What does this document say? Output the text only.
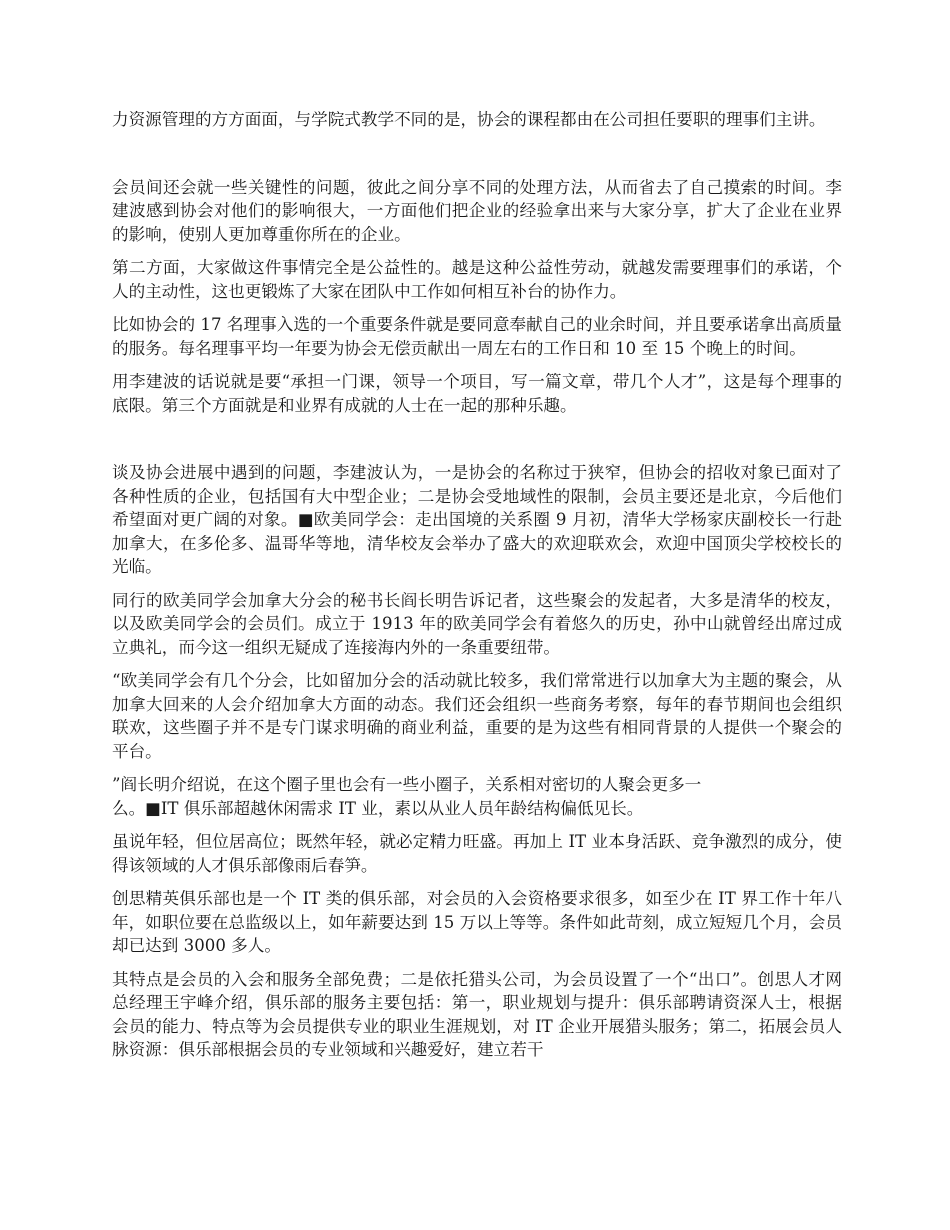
力资源管理的方方面面，与学院式教学不同的是，协会的课程都由在公司担任要职的理事们主讲。

会员间还会就一些关键性的问题，彼此之间分享不同的处理方法，从而省去了自己摸索的时间。李建波感到协会对他们的影响很大，一方面他们把企业的经验拿出来与大家分享，扩大了企业在业界的影响，使别人更加尊重你所在的企业。

第二方面，大家做这件事情完全是公益性的。越是这种公益性劳动，就越发需要理事们的承诺，个人的主动性，这也更锻炼了大家在团队中工作如何相互补台的协作力。

比如协会的 17 名理事入选的一个重要条件就是要同意奉献自己的业余时间，并且要承诺拿出高质量的服务。每名理事平均一年要为协会无偿贡献出一周左右的工作日和 10 至 15 个晚上的时间。

用李建波的话说就是要“承担一门课，领导一个项目，写一篇文章，带几个人才”，这是每个理事的底限。第三个方面就是和业界有成就的人士在一起的那种乐趣。

谈及协会进展中遇到的问题，李建波认为，一是协会的名称过于狭窄，但协会的招收对象已面对了各种性质的企业，包括国有大中型企业；二是协会受地域性的限制，会员主要还是北京，今后他们希望面对更广阔的对象。■欧美同学会：走出国境的关系圈 9 月初，清华大学杨家庆副校长一行赴加拿大，在多伦多、温哥华等地，清华校友会举办了盛大的欢迎联欢会，欢迎中国顶尖学校校长的光临。

同行的欧美同学会加拿大分会的秘书长阎长明告诉记者，这些聚会的发起者，大多是清华的校友，以及欧美同学会的会员们。成立于 1913 年的欧美同学会有着悠久的历史，孙中山就曾经出席过成立典礼，而今这一组织无疑成了连接海内外的一条重要纽带。

“欧美同学会有几个分会，比如留加分会的活动就比较多，我们常常进行以加拿大为主题的聚会，从加拿大回来的人会介绍加拿大方面的动态。我们还会组织一些商务考察，每年的春节期间也会组织联欢，这些圈子并不是专门谋求明确的商业利益，重要的是为这些有相同背景的人提供一个聚会的平台。

”阎长明介绍说，在这个圈子里也会有一些小圈子，关系相对密切的人聚会更多一

么。■IT 俱乐部超越休闲需求 IT 业，素以从业人员年龄结构偏低见长。

虽说年轻，但位居高位；既然年轻，就必定精力旺盛。再加上 IT 业本身活跃、竞争激烈的成分，使得该领域的人才俱乐部像雨后春笋。

创思精英俱乐部也是一个 IT 类的俱乐部，对会员的入会资格要求很多，如至少在 IT 界工作十年八年，如职位要在总监级以上，如年薪要达到 15 万以上等等。条件如此苛刻，成立短短几个月，会员却已达到 3000 多人。

其特点是会员的入会和服务全部免费；二是依托猎头公司，为会员设置了一个“出口”。创思人才网总经理王宇峰介绍，俱乐部的服务主要包括：第一，职业规划与提升：俱乐部聘请资深人士，根据会员的能力、特点等为会员提供专业的职业生涯规划，对 IT 企业开展猎头服务；第二，拓展会员人脉资源：俱乐部根据会员的专业领域和兴趣爱好，建立若干
